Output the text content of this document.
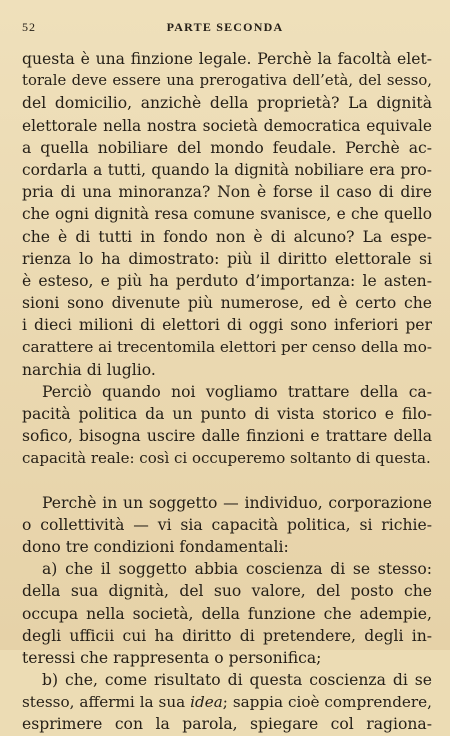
52	PARTE SECONDA
questa è una finzione legale. Perchè la facoltà elet-
torale deve essere una prerogativa dell’età, del sesso,
del domicilio, anzichè della proprietà? La dignità
elettorale nella nostra società democratica equivale
a quella nobiliare del mondo feudale. Perchè ac-
cordarla a tutti, quando la dignità nobiliare era pro-
pria di una minoranza? Non è forse il caso di dire
che ogni dignità resa comune svanisce, e che quello
che è di tutti in fondo non è di alcuno? La espe-
rienza lo ha dimostrato: più il diritto elettorale si
è esteso, e più ha perduto d’importanza: le asten-
sioni sono divenute più numerose, ed è certo che
i dieci milioni di elettori di oggi sono inferiori per
carattere ai trecentomila elettori per censo della mo-
narchia di luglio.
Perciò quando noi vogliamo trattare della ca-
pacità politica da un punto di vista storico e filo-
sofico, bisogna uscire dalle finzioni e trattare della
capacità reale: così ci occuperemo soltanto di questa.
Perchè in un soggetto — individuo, corporazione
o collettività — vi sia capacità politica, si richie-
dono tre condizioni fondamentali:
a) che il soggetto abbia coscienza di se stesso:
della sua dignità, del suo valore, del posto che
occupa nella società, della funzione che adempie,
degli ufficii cui ha diritto di pretendere, degli in-
teressi che rappresenta o personifica;
b) che, come risultato di questa coscienza di se
stesso, affermi la sua idea; sappia cioè comprendere,
esprimere con la parola, spiegare col ragiona-
